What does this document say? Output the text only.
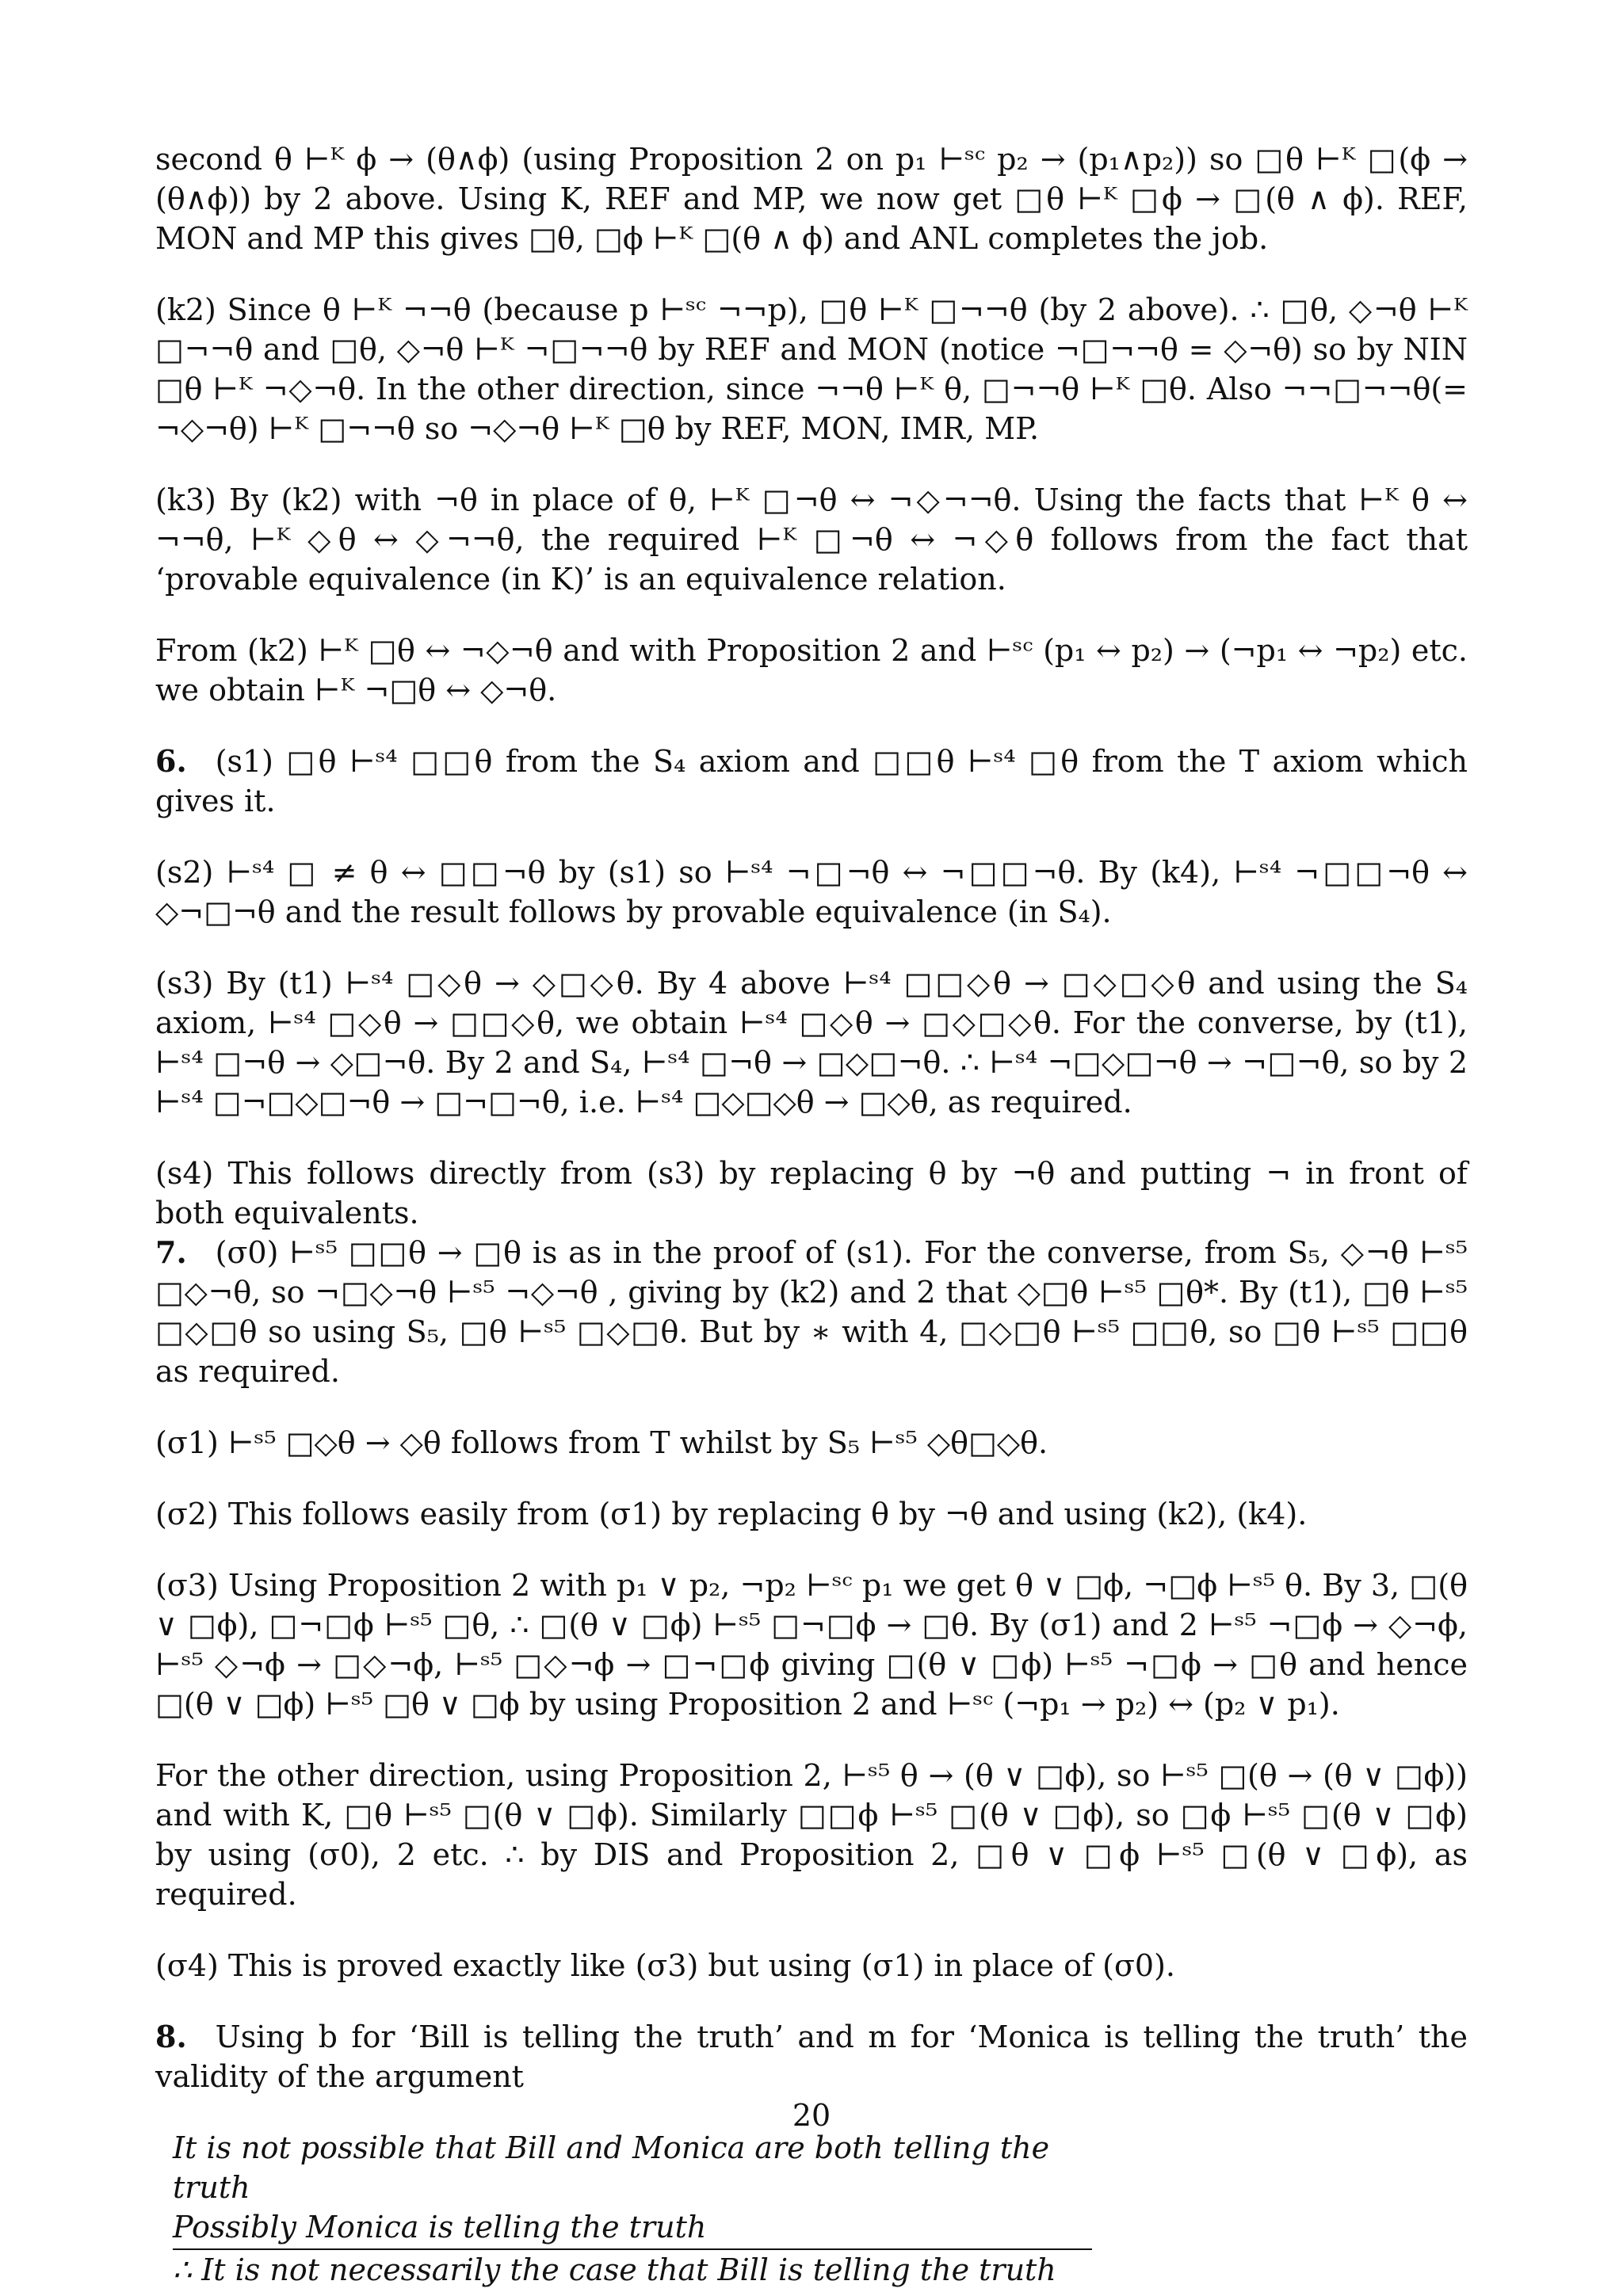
second θ ⊢ᴷ ϕ → (θ∧ϕ) (using Proposition 2 on p₁ ⊢ˢᶜ p₂ → (p₁∧p₂)) so □θ ⊢ᴷ □(ϕ → (θ∧ϕ)) by 2 above. Using K, REF and MP, we now get □θ ⊢ᴷ □ϕ → □(θ ∧ ϕ). REF, MON and MP this gives □θ, □ϕ ⊢ᴷ □(θ ∧ ϕ) and ANL completes the job.

(k2) Since θ ⊢ᴷ ¬¬θ (because p ⊢ˢᶜ ¬¬p), □θ ⊢ᴷ □¬¬θ (by 2 above). ∴ □θ, ◇¬θ ⊢ᴷ □¬¬θ and □θ, ◇¬θ ⊢ᴷ ¬□¬¬θ by REF and MON (notice ¬□¬¬θ = ◇¬θ) so by NIN □θ ⊢ᴷ ¬◇¬θ. In the other direction, since ¬¬θ ⊢ᴷ θ, □¬¬θ ⊢ᴷ □θ. Also ¬¬□¬¬θ(= ¬◇¬θ) ⊢ᴷ □¬¬θ so ¬◇¬θ ⊢ᴷ □θ by REF, MON, IMR, MP.

(k3) By (k2) with ¬θ in place of θ, ⊢ᴷ □¬θ ↔ ¬◇¬¬θ. Using the facts that ⊢ᴷ θ ↔ ¬¬θ, ⊢ᴷ ◇θ ↔ ◇¬¬θ, the required ⊢ᴷ □¬θ ↔ ¬◇θ follows from the fact that ‘provable equivalence (in K)’ is an equivalence relation.

From (k2) ⊢ᴷ □θ ↔ ¬◇¬θ and with Proposition 2 and ⊢ˢᶜ (p₁ ↔ p₂) → (¬p₁ ↔ ¬p₂) etc. we obtain ⊢ᴷ ¬□θ ↔ ◇¬θ.

6. (s1) □θ ⊢ˢ⁴ □□θ from the S₄ axiom and □□θ ⊢ˢ⁴ □θ from the T axiom which gives it.

(s2) ⊢ˢ⁴ □ ≠ θ ↔ □□¬θ by (s1) so ⊢ˢ⁴ ¬□¬θ ↔ ¬□□¬θ. By (k4), ⊢ˢ⁴ ¬□□¬θ ↔ ◇¬□¬θ and the result follows by provable equivalence (in S₄).

(s3) By (t1) ⊢ˢ⁴ □◇θ → ◇□◇θ. By 4 above ⊢ˢ⁴ □□◇θ → □◇□◇θ and using the S₄ axiom, ⊢ˢ⁴ □◇θ → □□◇θ, we obtain ⊢ˢ⁴ □◇θ → □◇□◇θ. For the converse, by (t1), ⊢ˢ⁴ □¬θ → ◇□¬θ. By 2 and S₄, ⊢ˢ⁴ □¬θ → □◇□¬θ. ∴ ⊢ˢ⁴ ¬□◇□¬θ → ¬□¬θ, so by 2 ⊢ˢ⁴ □¬□◇□¬θ → □¬□¬θ, i.e. ⊢ˢ⁴ □◇□◇θ → □◇θ, as required.

(s4) This follows directly from (s3) by replacing θ by ¬θ and putting ¬ in front of both equivalents.

7. (σ0) ⊢ˢ⁵ □□θ → □θ is as in the proof of (s1). For the converse, from S₅, ◇¬θ ⊢ˢ⁵ □◇¬θ, so ¬□◇¬θ ⊢ˢ⁵ ¬◇¬θ , giving by (k2) and 2 that ◇□θ ⊢ˢ⁵ □θ*. By (t1), □θ ⊢ˢ⁵ □◇□θ so using S₅, □θ ⊢ˢ⁵ □◇□θ. But by ∗ with 4, □◇□θ ⊢ˢ⁵ □□θ, so □θ ⊢ˢ⁵ □□θ as required.

(σ1) ⊢ˢ⁵ □◇θ → ◇θ follows from T whilst by S₅ ⊢ˢ⁵ ◇θ□◇θ.

(σ2) This follows easily from (σ1) by replacing θ by ¬θ and using (k2), (k4).

(σ3) Using Proposition 2 with p₁ ∨ p₂, ¬p₂ ⊢ˢᶜ p₁ we get θ ∨ □ϕ, ¬□ϕ ⊢ˢ⁵ θ. By 3, □(θ ∨ □ϕ), □¬□ϕ ⊢ˢ⁵ □θ, ∴ □(θ ∨ □ϕ) ⊢ˢ⁵ □¬□ϕ → □θ. By (σ1) and 2 ⊢ˢ⁵ ¬□ϕ → ◇¬ϕ, ⊢ˢ⁵ ◇¬ϕ → □◇¬ϕ, ⊢ˢ⁵ □◇¬ϕ → □¬□ϕ giving □(θ ∨ □ϕ) ⊢ˢ⁵ ¬□ϕ → □θ and hence □(θ ∨ □ϕ) ⊢ˢ⁵ □θ ∨ □ϕ by using Proposition 2 and ⊢ˢᶜ (¬p₁ → p₂) ↔ (p₂ ∨ p₁).

For the other direction, using Proposition 2, ⊢ˢ⁵ θ → (θ ∨ □ϕ), so ⊢ˢ⁵ □(θ → (θ ∨ □ϕ)) and with K, □θ ⊢ˢ⁵ □(θ ∨ □ϕ). Similarly □□ϕ ⊢ˢ⁵ □(θ ∨ □ϕ), so □ϕ ⊢ˢ⁵ □(θ ∨ □ϕ) by using (σ0), 2 etc. ∴ by DIS and Proposition 2, □θ ∨ □ϕ ⊢ˢ⁵ □(θ ∨ □ϕ), as required.

(σ4) This is proved exactly like (σ3) but using (σ1) in place of (σ0).

8. Using b for ‘Bill is telling the truth’ and m for ‘Monica is telling the truth’ the validity of the argument

It is not possible that Bill and Monica are both telling the truth
Possibly Monica is telling the truth
∴ It is not necessarily the case that Bill is telling the truth
20
